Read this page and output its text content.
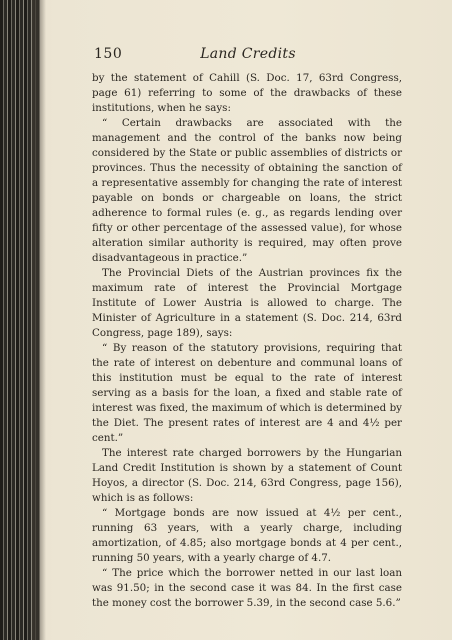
150	Land Credits

by the statement of Cahill (S. Doc. 17, 63rd Congress, page 61) referring to some of the drawbacks of these institutions, when he says:

“ Certain drawbacks are associated with the management and the control of the banks now being considered by the State or public assemblies of districts or provinces. Thus the necessity of obtaining the sanction of a representative assembly for changing the rate of interest payable on bonds or chargeable on loans, the strict adherence to formal rules (e. g., as regards lending over fifty or other percentage of the assessed value), for whose alteration similar authority is required, may often prove disadvantageous in practice.”

The Provincial Diets of the Austrian provinces fix the maximum rate of interest the Provincial Mortgage Institute of Lower Austria is allowed to charge. The Minister of Agriculture in a statement (S. Doc. 214, 63rd Congress, page 189), says:

“ By reason of the statutory provisions, requiring that the rate of interest on debenture and communal loans of this institution must be equal to the rate of interest serving as a basis for the loan, a fixed and stable rate of interest was fixed, the maximum of which is determined by the Diet. The present rates of interest are 4 and 4½ per cent.”

The interest rate charged borrowers by the Hungarian Land Credit Institution is shown by a statement of Count Hoyos, a director (S. Doc. 214, 63rd Congress, page 156), which is as follows:

“ Mortgage bonds are now issued at 4½ per cent., running 63 years, with a yearly charge, including amortization, of 4.85; also mortgage bonds at 4 per cent., running 50 years, with a yearly charge of 4.7.

“ The price which the borrower netted in our last loan was 91.50; in the second case it was 84. In the first case the money cost the borrower 5.39, in the second case 5.6.”
